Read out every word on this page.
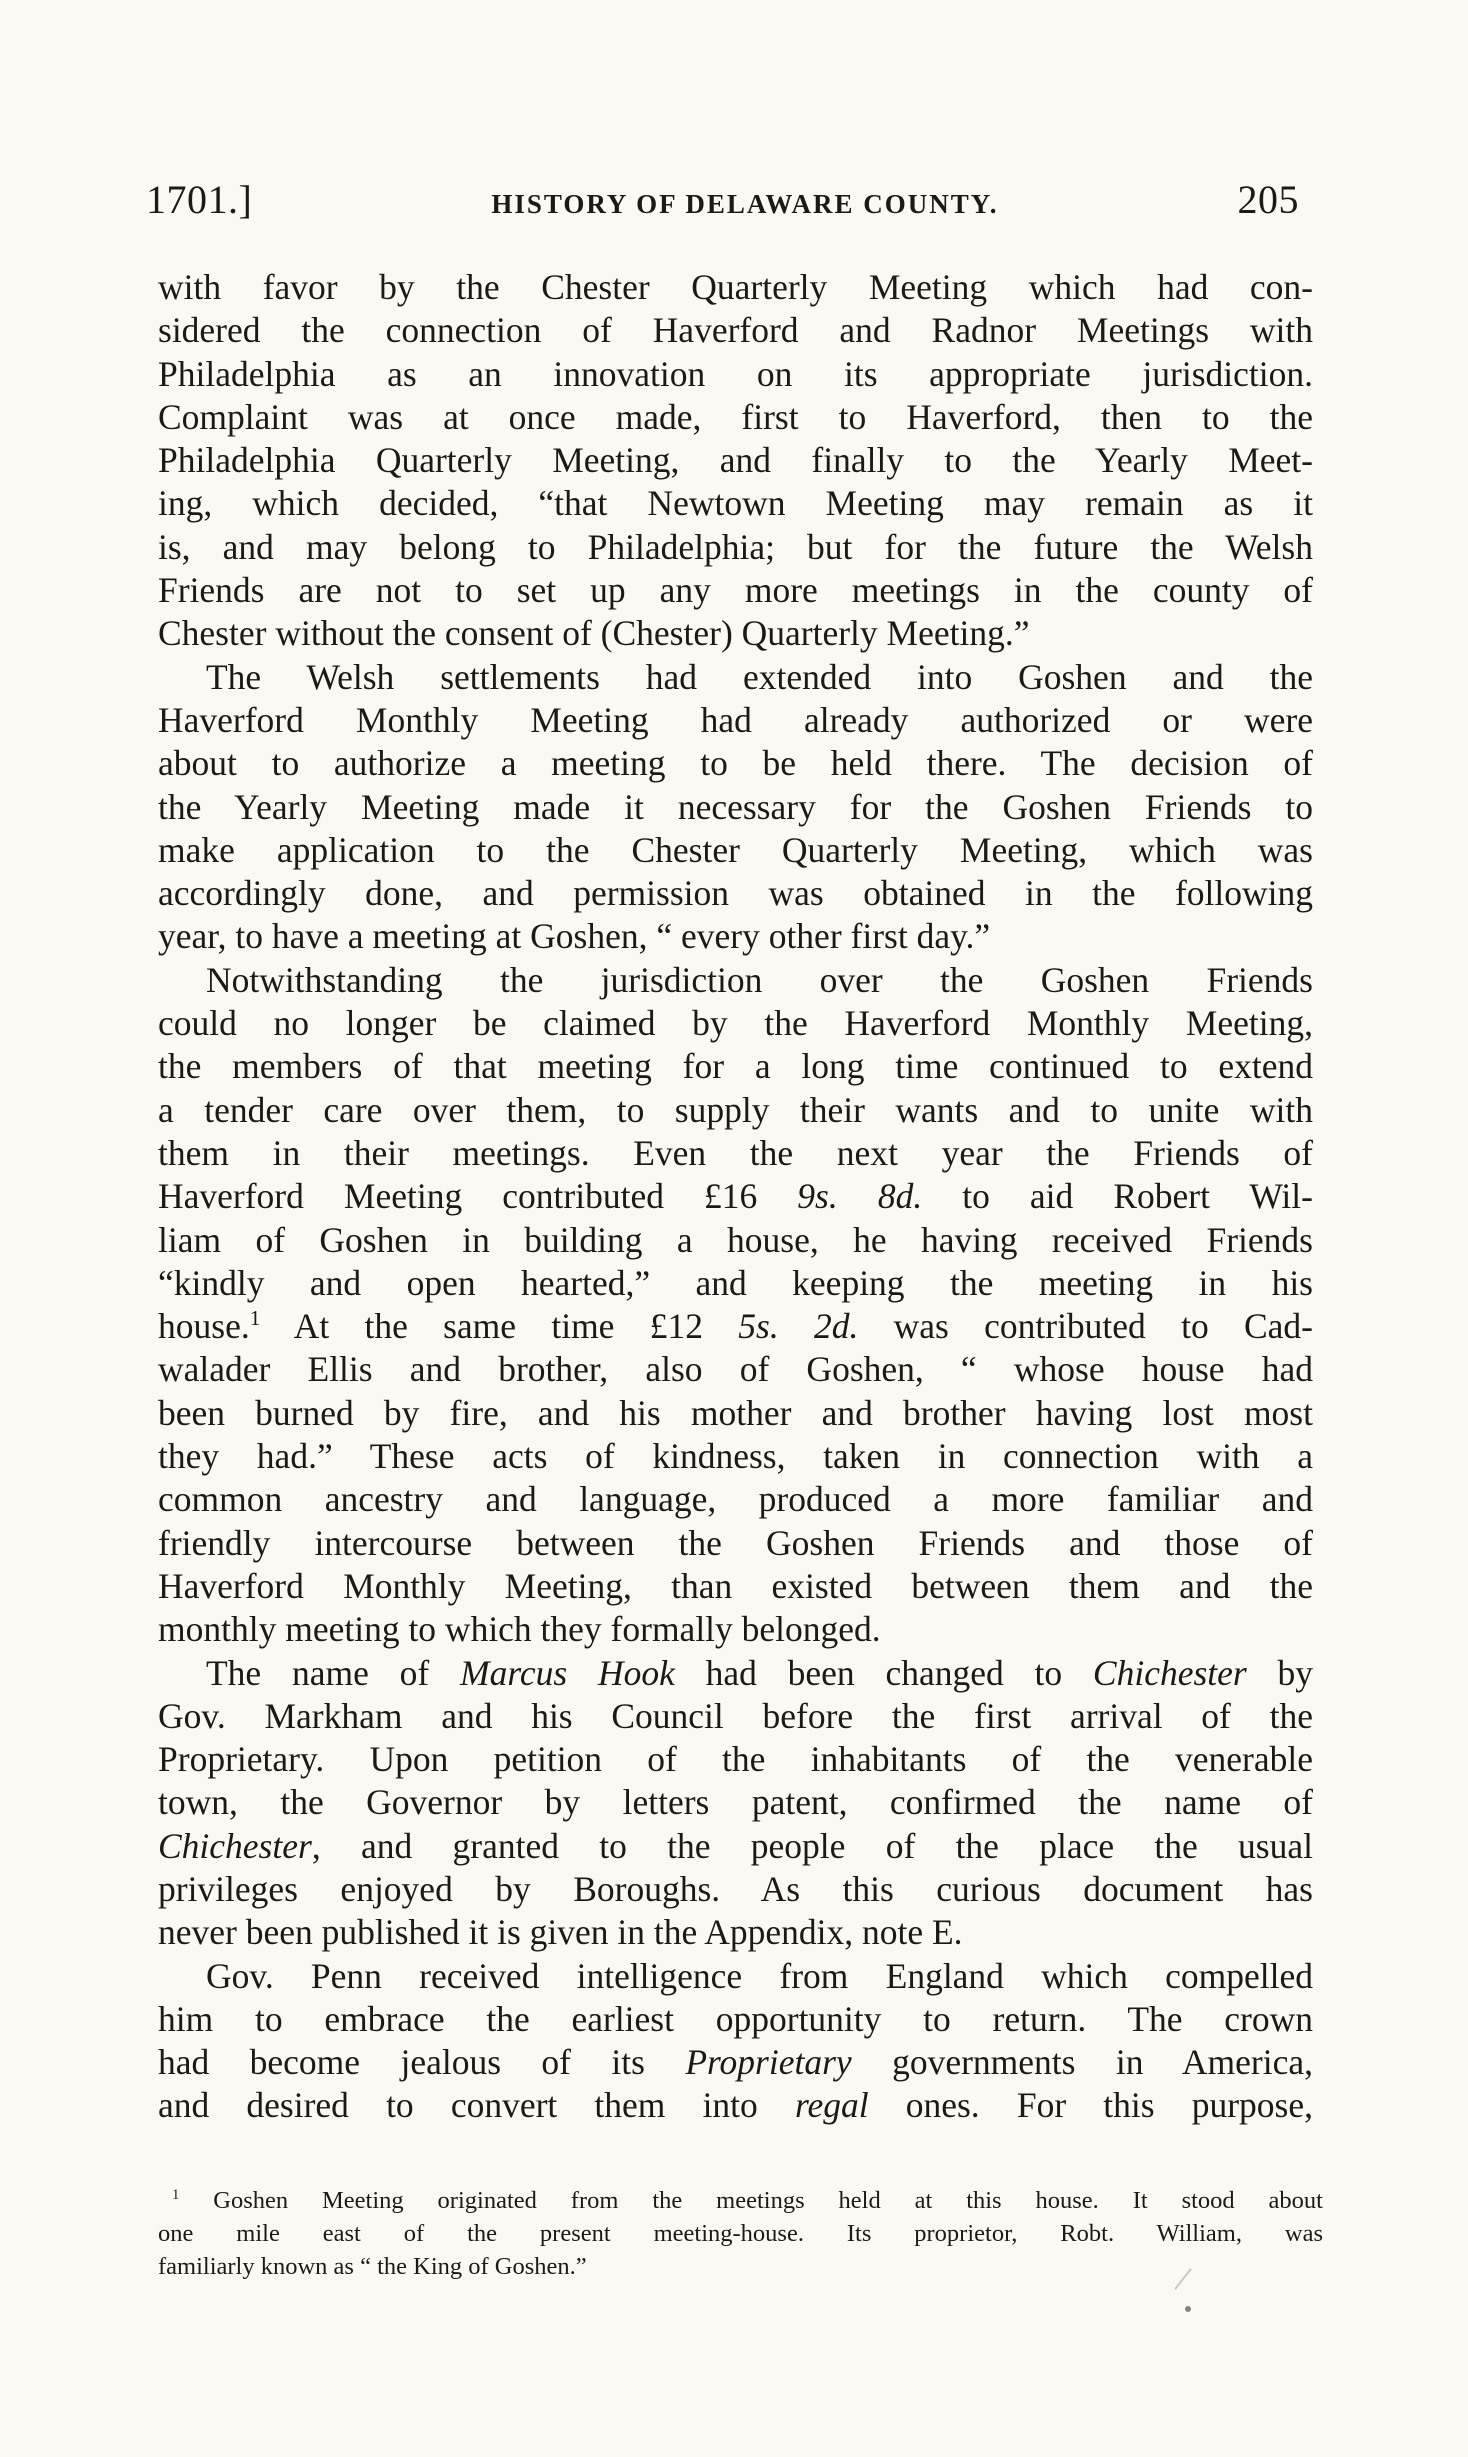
1701.]	HISTORY OF DELAWARE COUNTY.	205
with favor by the Chester Quarterly Meeting which had con-
sidered the connection of Haverford and Radnor Meetings with
Philadelphia as an innovation on its appropriate jurisdiction.
Complaint was at once made, first to Haverford, then to the
Philadelphia Quarterly Meeting, and finally to the Yearly Meet-
ing, which decided, “that Newtown Meeting may remain as it
is, and may belong to Philadelphia; but for the future the Welsh
Friends are not to set up any more meetings in the county of
Chester without the consent of (Chester) Quarterly Meeting.”
The Welsh settlements had extended into Goshen and the
Haverford Monthly Meeting had already authorized or were
about to authorize a meeting to be held there. The decision of
the Yearly Meeting made it necessary for the Goshen Friends to
make application to the Chester Quarterly Meeting, which was
accordingly done, and permission was obtained in the following
year, to have a meeting at Goshen, “ every other first day.”
Notwithstanding the jurisdiction over the Goshen Friends
could no longer be claimed by the Haverford Monthly Meeting,
the members of that meeting for a long time continued to extend
a tender care over them, to supply their wants and to unite with
them in their meetings. Even the next year the Friends of
Haverford Meeting contributed £16 9s. 8d. to aid Robert Wil-
liam of Goshen in building a house, he having received Friends
“kindly and open hearted,” and keeping the meeting in his
house.$^1$ At the same time £12 5s. 2d. was contributed to Cad-
walader Ellis and brother, also of Goshen, “ whose house had
been burned by fire, and his mother and brother having lost most
they had.” These acts of kindness, taken in connection with a
common ancestry and language, produced a more familiar and
friendly intercourse between the Goshen Friends and those of
Haverford Monthly Meeting, than existed between them and the
monthly meeting to which they formally belonged.
The name of Marcus Hook had been changed to Chichester by
Gov. Markham and his Council before the first arrival of the
Proprietary. Upon petition of the inhabitants of the venerable
town, the Governor by letters patent, confirmed the name of
Chichester, and granted to the people of the place the usual
privileges enjoyed by Boroughs. As this curious document has
never been published it is given in the Appendix, note E.
Gov. Penn received intelligence from England which compelled
him to embrace the earliest opportunity to return. The crown
had become jealous of its Proprietary governments in America,
and desired to convert them into regal ones. For this purpose,
$^1$ Goshen Meeting originated from the meetings held at this house. It stood about
one mile east of the present meeting-house. Its proprietor, Robt. William, was
familiarly known as “ the King of Goshen.”
